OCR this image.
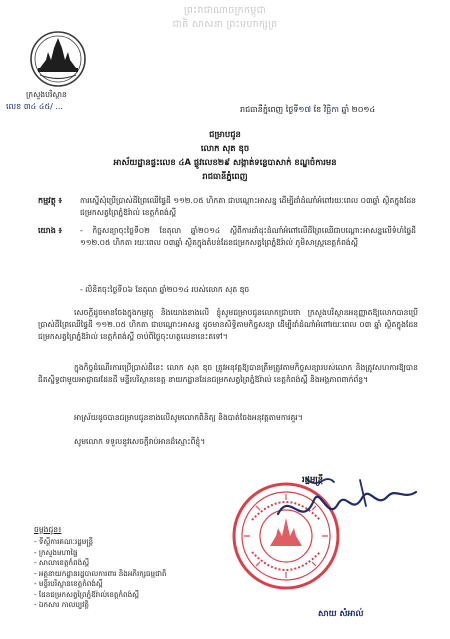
ព្រះរាជាណាចក្រកម្ពុជា
ជាតិ សាសនា ព្រះមហាក្សត្រ
ក្រសួងបរិស្ថាន
លេខ ៣៤ ៤៥/ ...	រាជធានីភ្នំពេញ ថ្ងៃទី១៧ ខែ វិច្ឆិកា ឆ្នាំ ២០១៤
ជម្រាបជូន
លោក សុត ឌុច
អាស័យដ្ឋានផ្ទះលេខ ៤A ផ្លូវលេខ២៩ សង្កាត់ទន្លេបាសាក់ ខណ្ឌចំការមន
រាជធានីភ្នំពេញ
កម្មវត្ថុ ៖ ការស្នើសុំប្រើប្រាស់ដីព្រៃឈើផ្ទៃដី ១១២.០៥ ហិកតា ជាបណ្តោះអាសន្ន ដើម្បីដាំដំណាំអំពៅរយៈពេល ០៣ឆ្នាំ ស្ថិតក្នុងដែនជម្រកសត្វព្រៃភ្នំឱរ៉ាល់ ខេត្តកំពង់ស្ពឺ
យោង ៖ - កិច្ចសន្យាចុះថ្ងៃទី០២ ខែតុលា ឆ្នាំ២០១៤ ស្តីពីការដាំដុះដំណាំអំពៅលើដីព្រៃឈើជាបណ្តោះអាសន្នលើទំហំផ្ទៃដី ១១២.០៥ ហិកតា រយៈពេល ០៣ឆ្នាំ ស្ថិតក្នុងតំបន់ដែនជម្រកសត្វព្រៃភ្នំឱរ៉ាល់ ភូមិសាស្ត្រខេត្តកំពង់ស្ពឺ
- លិខិតចុះថ្ងៃទី០៦ ខែតុលា ឆ្នាំ២០១៤ របស់លោក សុត ឌុច
សេចក្តីដូចមានចែងក្នុងកម្មវត្ថុ និងយោងខាងលើ ខ្ញុំសូមជម្រាបជូនលោកជ្រាបថា ក្រសួងបរិស្ថានអនុញ្ញាតឱ្យលោកបានប្រើប្រាស់ដីព្រៃឈើផ្ទៃដី ១១២.០៥ ហិកតា ជាបណ្តោះអាសន្ន ដូចមានសិទ្ធិតាមកិច្ចសន្យា ដើម្បីដាំដំណាំអំពៅរយៈពេល ០៣ ឆ្នាំ ស្ថិតក្នុងដែនជម្រកសត្វព្រៃភ្នំឱរ៉ាល់ ខេត្តកំពង់ស្ពឺ ចាប់ពីថ្ងៃចុះហត្ថលេខានេះតទៅ។
ក្នុងកិច្ចដំណើរការប្រើប្រាស់ដីនេះ លោក សុត ឌុច ត្រូវអនុវត្តឱ្យបានត្រឹមត្រូវតាមកិច្ចសន្យារបស់លោក និងត្រូវសហការឱ្យបានជិតស្និទ្ធជាមួយអាជ្ញាធរដែនដី មន្ទីរបរិស្ថានខេត្ត នាយកដ្ឋានដែនជម្រកសត្វព្រៃភ្នំឱរ៉ាល់ ខេត្តកំពង់ស្ពឺ និងអង្គភាពពាក់ព័ន្ធ។
អាស្រ័យដូចបានជម្រាបជូនខាងលើសូមលោកពិនិត្យ និងបាត់ចែងអនុវត្តតាមការគួរ។
សូមលោក ទទួលនូវសេចក្តីរាប់អានដ៏ស្មោះពីខ្ញុំ។
រដ្ឋមន្ត្រី
សាយ សំអាល់
ចម្លងជូន៖
- ទីស្តីការគណៈរដ្ឋមន្ត្រី
- ក្រសួងមហាផ្ទៃ
- សាលាខេត្តកំពង់ស្ពឺ
- អគ្គនាយកដ្ឋានរដ្ឋបាលការពារ និងអភិរក្សធម្មជាតិ
- មន្ទីរបរិស្ថានខេត្តកំពង់ស្ពឺ
- ដែនជម្រកសត្វព្រៃភ្នំឱរ៉ាល់ខេត្តកំពង់ស្ពឺ
- ឯកសារ កាលប្បវត្តិ
